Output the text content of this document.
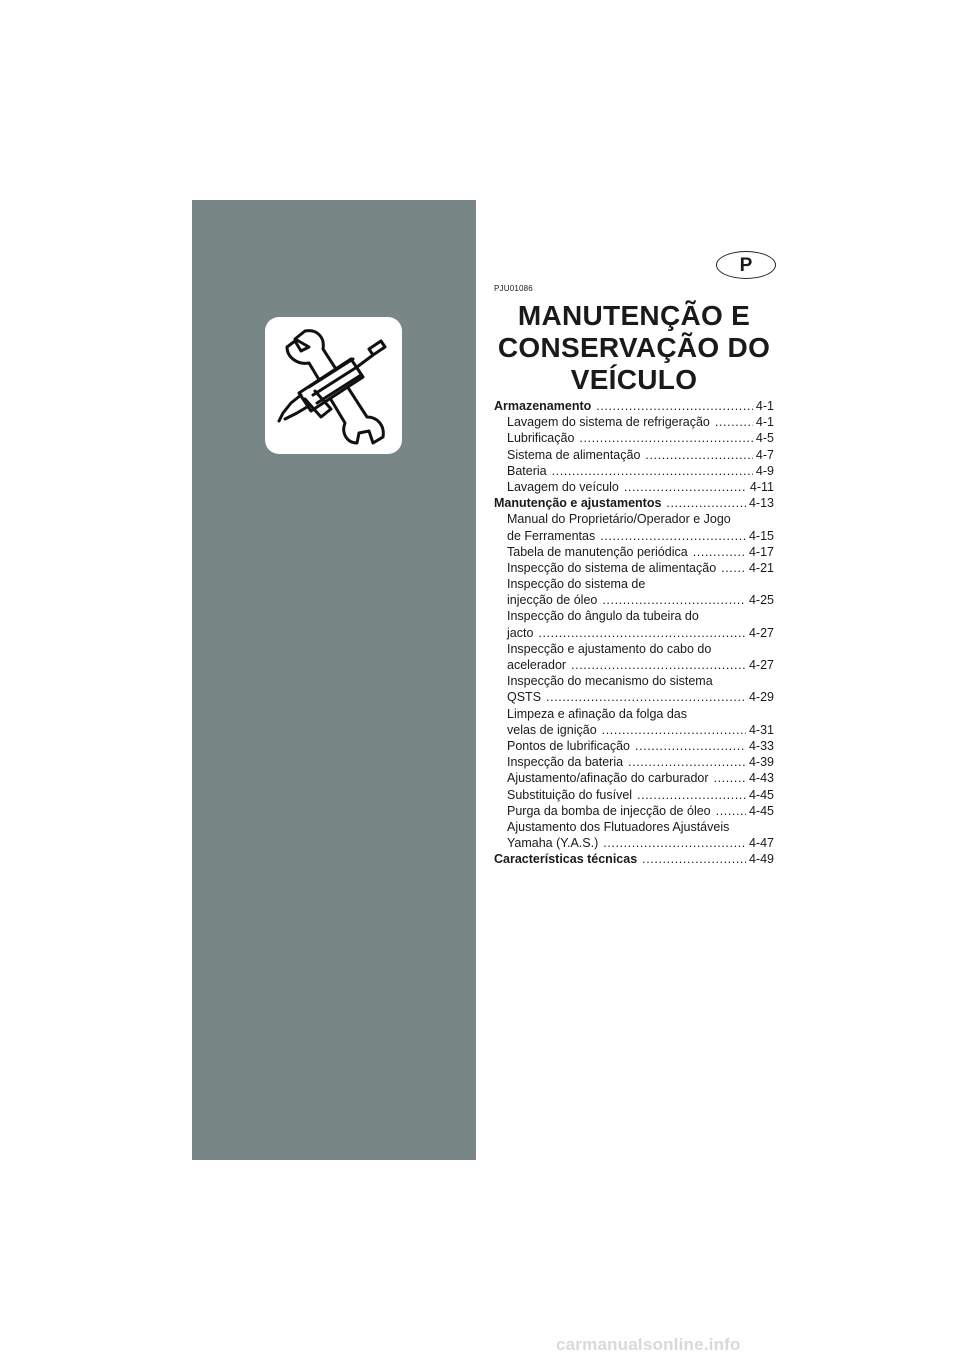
P
PJU01086
MANUTENÇÃO E
CONSERVAÇÃO DO
VEÍCULO
Armazenamento .....	4-1
Lavagem do sistema de refrigeração .....	4-1
Lubrificação .....	4-5
Sistema de alimentação .....	4-7
Bateria .....	4-9
Lavagem do veículo .....	4-11
Manutenção e ajustamentos .....	4-13
Manual do Proprietário/Operador e Jogo
de Ferramentas .....	4-15
Tabela de manutenção periódica .....	4-17
Inspecção do sistema de alimentação .....	4-21
Inspecção do sistema de
injecção de óleo .....	4-25
Inspecção do ângulo da tubeira do
jacto .....	4-27
Inspecção e ajustamento do cabo do
acelerador .....	4-27
Inspecção do mecanismo do sistema
QSTS .....	4-29
Limpeza e afinação da folga das
velas de ignição .....	4-31
Pontos de lubrificação .....	4-33
Inspecção da bateria .....	4-39
Ajustamento/afinação do carburador .....	4-43
Substituição do fusível .....	4-45
Purga da bomba de injecção de óleo .....	4-45
Ajustamento dos Flutuadores Ajustáveis
Yamaha (Y.A.S.) .....	4-47
Características técnicas .....	4-49
carmanualsonline.info
